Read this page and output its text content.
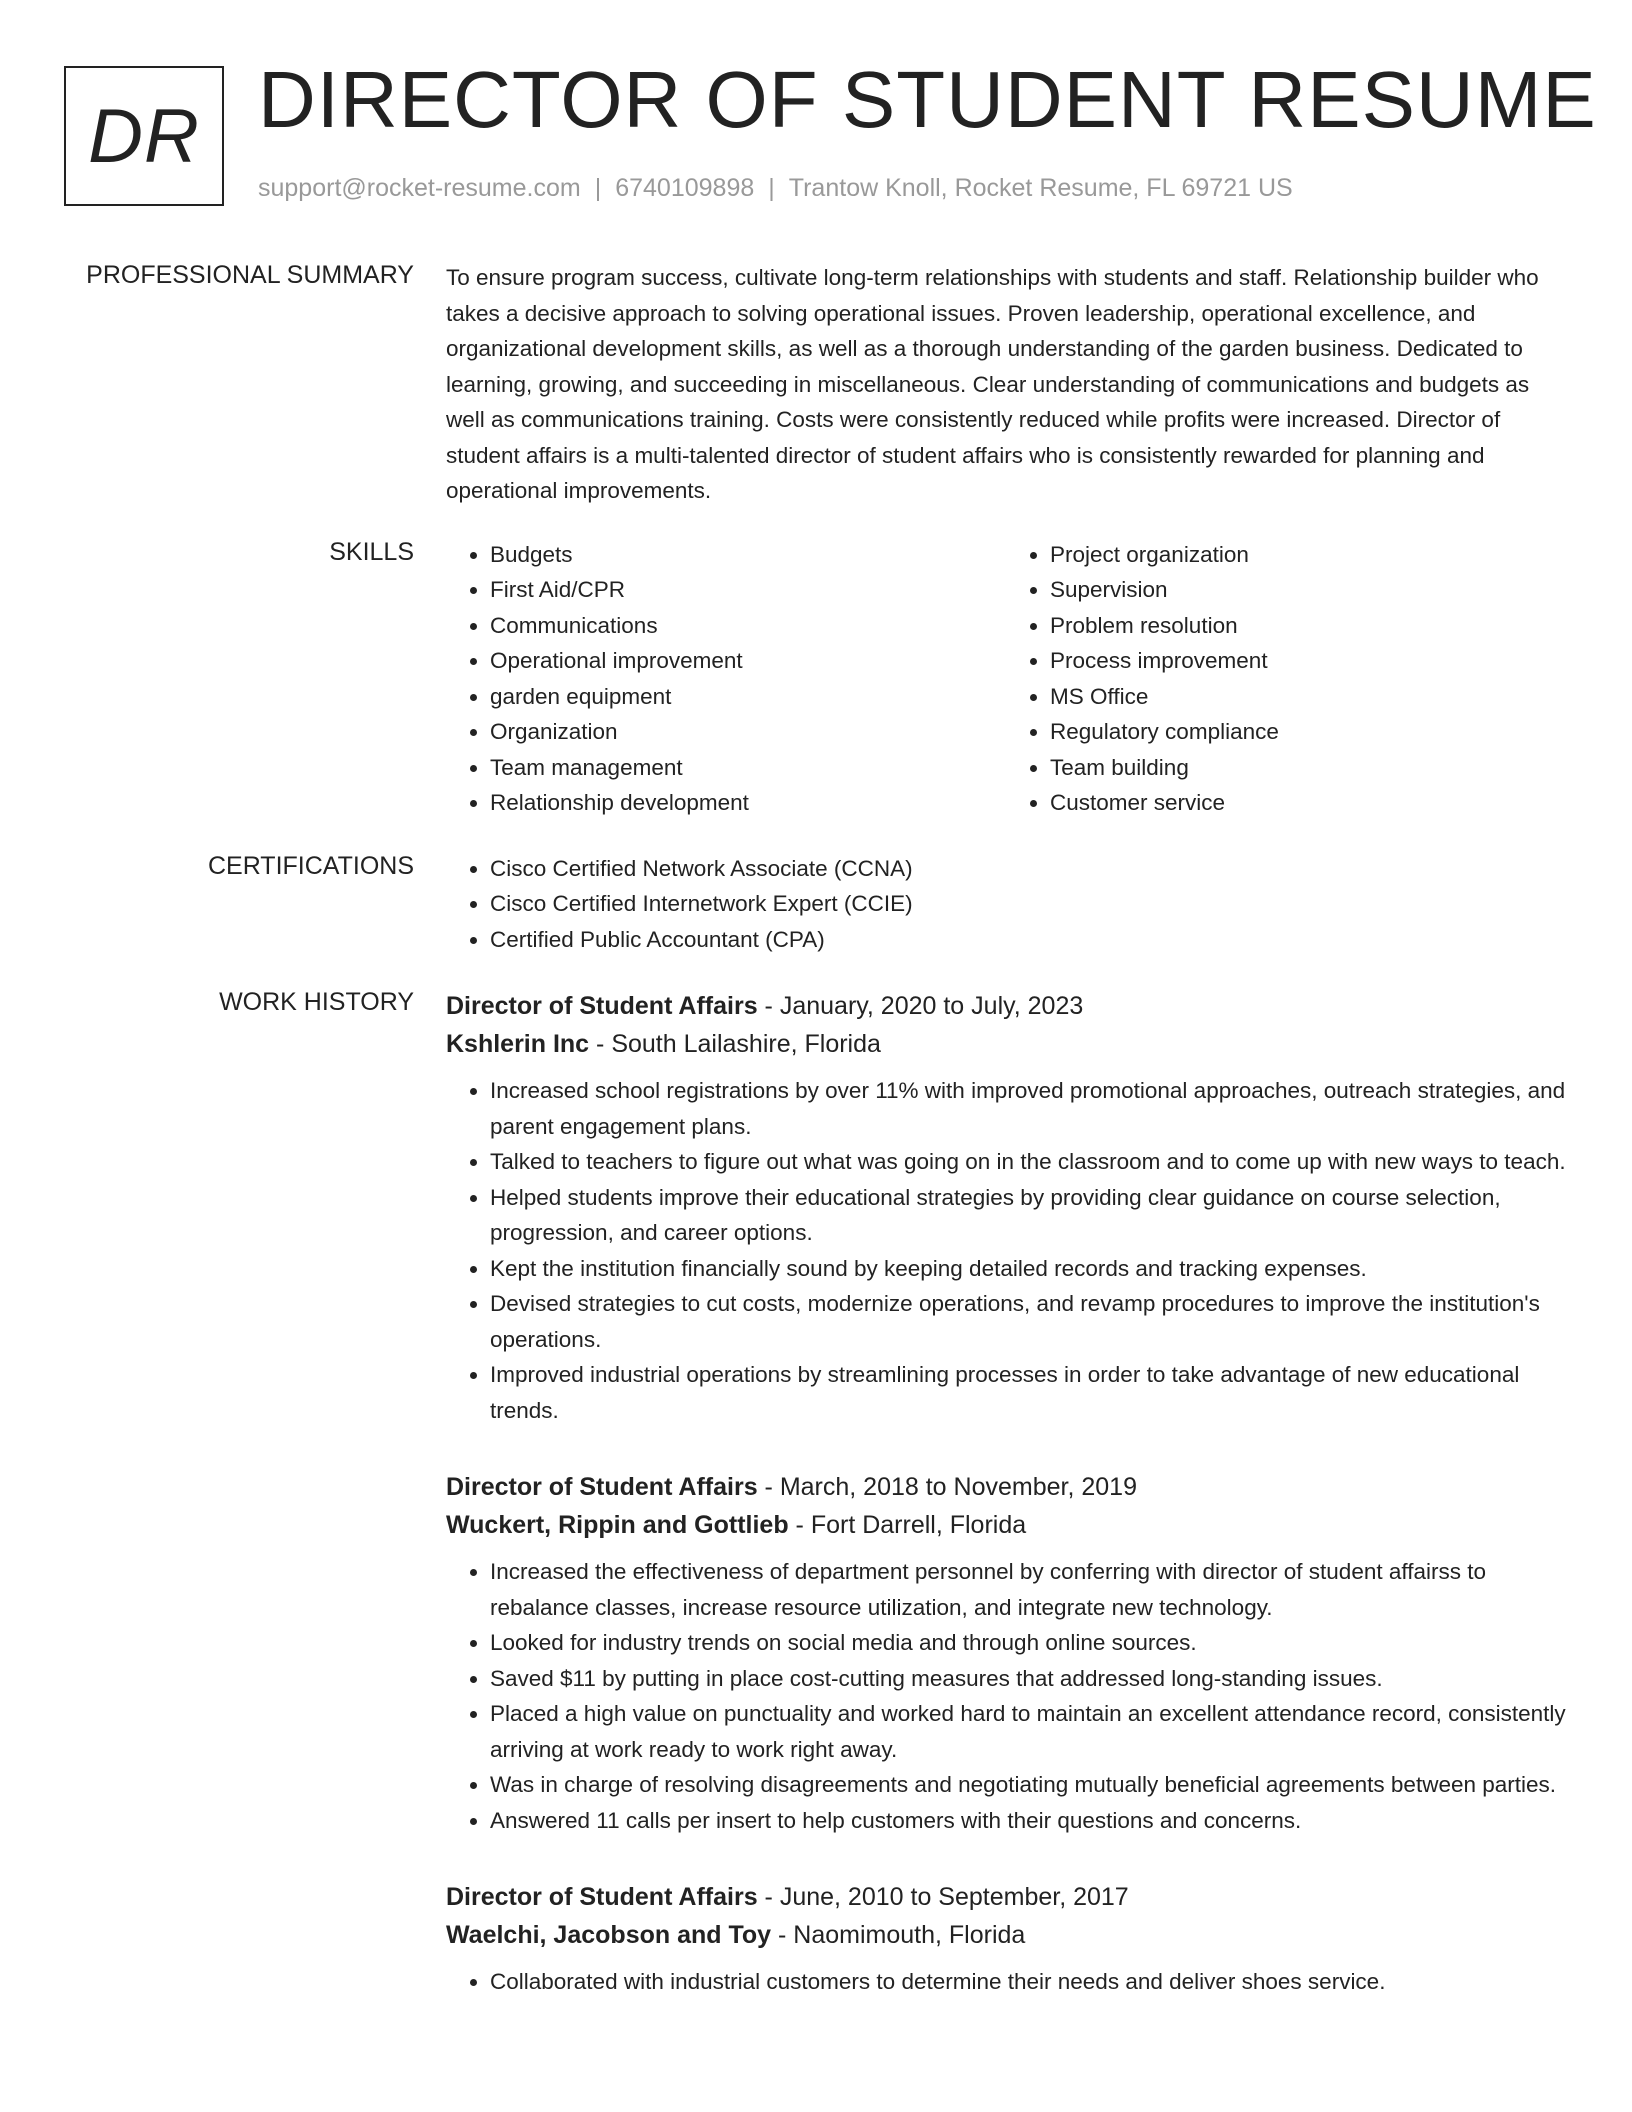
DR DIRECTOR OF STUDENT RESUME
support@rocket-resume.com | 6740109898 | Trantow Knoll, Rocket Resume, FL 69721 US
PROFESSIONAL SUMMARY To ensure program success, cultivate long-term relationships with students and staff. Relationship builder who takes a decisive approach to solving operational issues. Proven leadership, operational excellence, and organizational development skills, as well as a thorough understanding of the garden business. Dedicated to learning, growing, and succeeding in miscellaneous. Clear understanding of communications and budgets as well as communications training. Costs were consistently reduced while profits were increased. Director of student affairs is a multi-talented director of student affairs who is consistently rewarded for planning and operational improvements.

SKILLS	• Budgets
• First Aid/CPR
• Communications
• Operational improvement
• garden equipment
• Organization
• Team management
• Relationship development
• Project organization
• Supervision
• Problem resolution
• Process improvement
• MS Office
• Regulatory compliance
• Team building
• Customer service
CERTIFICATIONS	• Cisco Certified Network Associate (CCNA)
• Cisco Certified Internetwork Expert (CCIE)
• Certified Public Accountant (CPA)
WORK HISTORY Director of Student Affairs - January, 2020 to July, 2023
Kshlerin Inc - South Lailashire, Florida
• Increased school registrations by over 11% with improved promotional approaches, outreach strategies, and parent engagement plans.
• Talked to teachers to figure out what was going on in the classroom and to come up with new ways to teach.
• Helped students improve their educational strategies by providing clear guidance on course selection, progression, and career options.
• Kept the institution financially sound by keeping detailed records and tracking expenses.
• Devised strategies to cut costs, modernize operations, and revamp procedures to improve the institution's operations.
• Improved industrial operations by streamlining processes in order to take advantage of new educational trends.
Director of Student Affairs - March, 2018 to November, 2019
Wuckert, Rippin and Gottlieb - Fort Darrell, Florida
• Increased the effectiveness of department personnel by conferring with director of student affairss to rebalance classes, increase resource utilization, and integrate new technology.
• Looked for industry trends on social media and through online sources.
• Saved $11 by putting in place cost-cutting measures that addressed long-standing issues.
• Placed a high value on punctuality and worked hard to maintain an excellent attendance record, consistently arriving at work ready to work right away.
• Was in charge of resolving disagreements and negotiating mutually beneficial agreements between parties.
• Answered 11 calls per insert to help customers with their questions and concerns.
Director of Student Affairs - June, 2010 to September, 2017
Waelchi, Jacobson and Toy - Naomimouth, Florida
• Collaborated with industrial customers to determine their needs and deliver shoes service.
